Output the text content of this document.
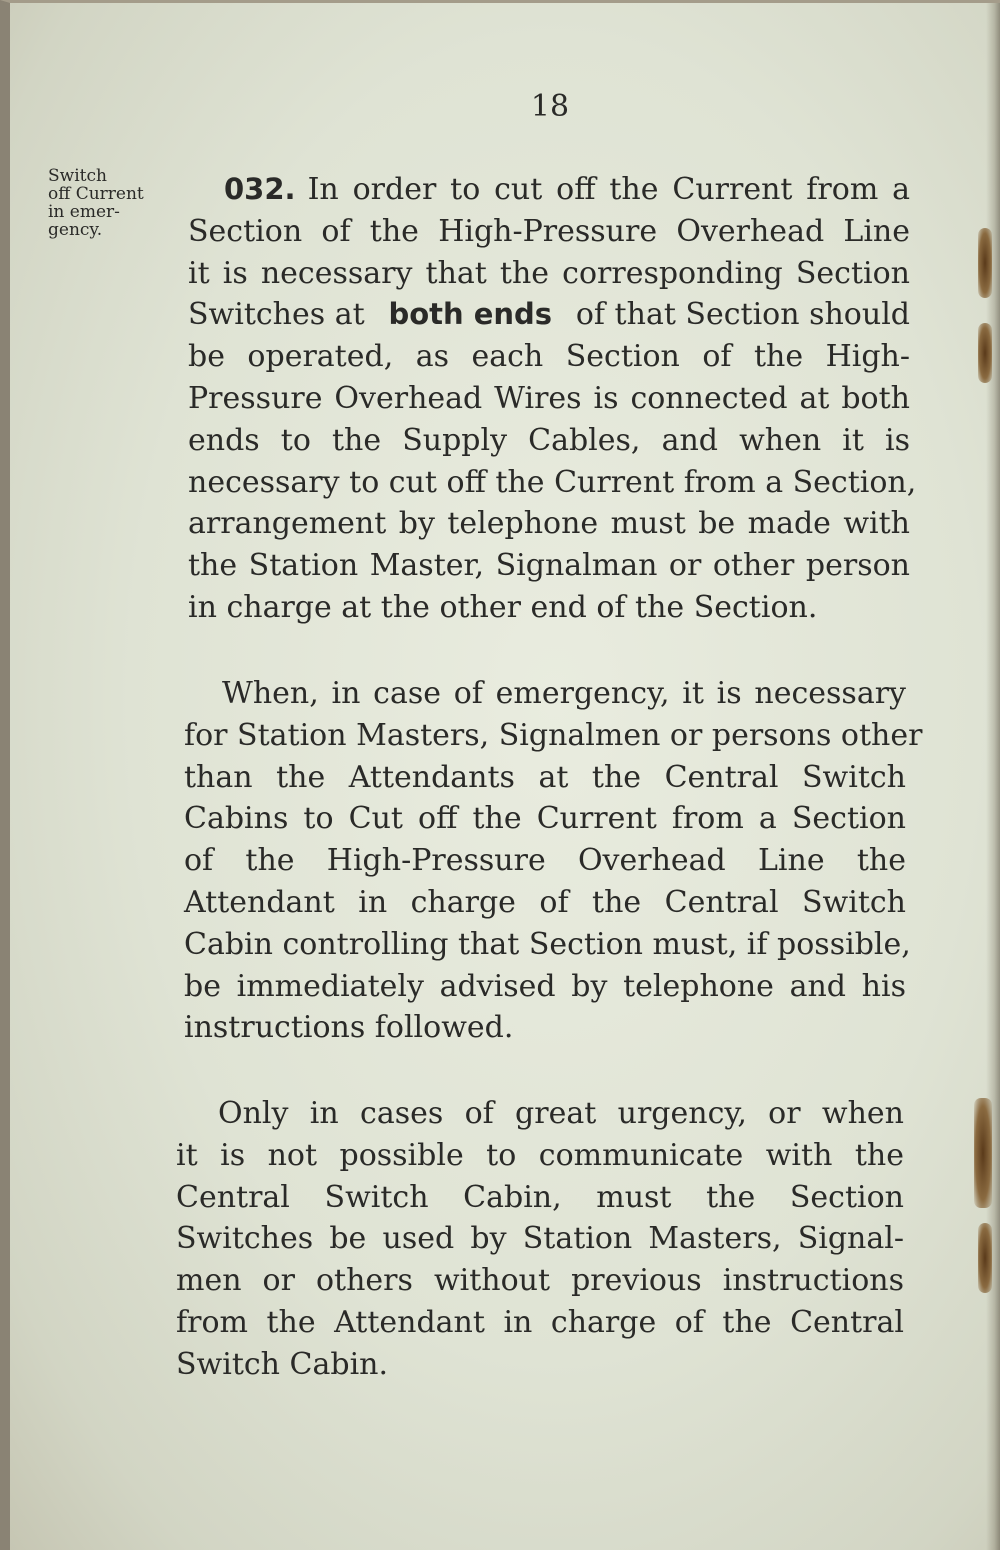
18
Switch
off Current
in emer-
gency.
032. In order to cut off the Current from a
Section of the High-Pressure Overhead Line
it is necessary that the corresponding Section
Switches at both ends of that Section should
be operated, as each Section of the High-
Pressure Overhead Wires is connected at both
ends to the Supply Cables, and when it is
necessary to cut off the Current from a Section,
arrangement by telephone must be made with
the Station Master, Signalman or other person
in charge at the other end of the Section.
When, in case of emergency, it is necessary
for Station Masters, Signalmen or persons other
than the Attendants at the Central Switch
Cabins to Cut off the Current from a Section
of the High-Pressure Overhead Line the
Attendant in charge of the Central Switch
Cabin controlling that Section must, if possible,
be immediately advised by telephone and his
instructions followed.
Only in cases of great urgency, or when
it is not possible to communicate with the
Central Switch Cabin, must the Section
Switches be used by Station Masters, Signal-
men or others without previous instructions
from the Attendant in charge of the Central
Switch Cabin.
